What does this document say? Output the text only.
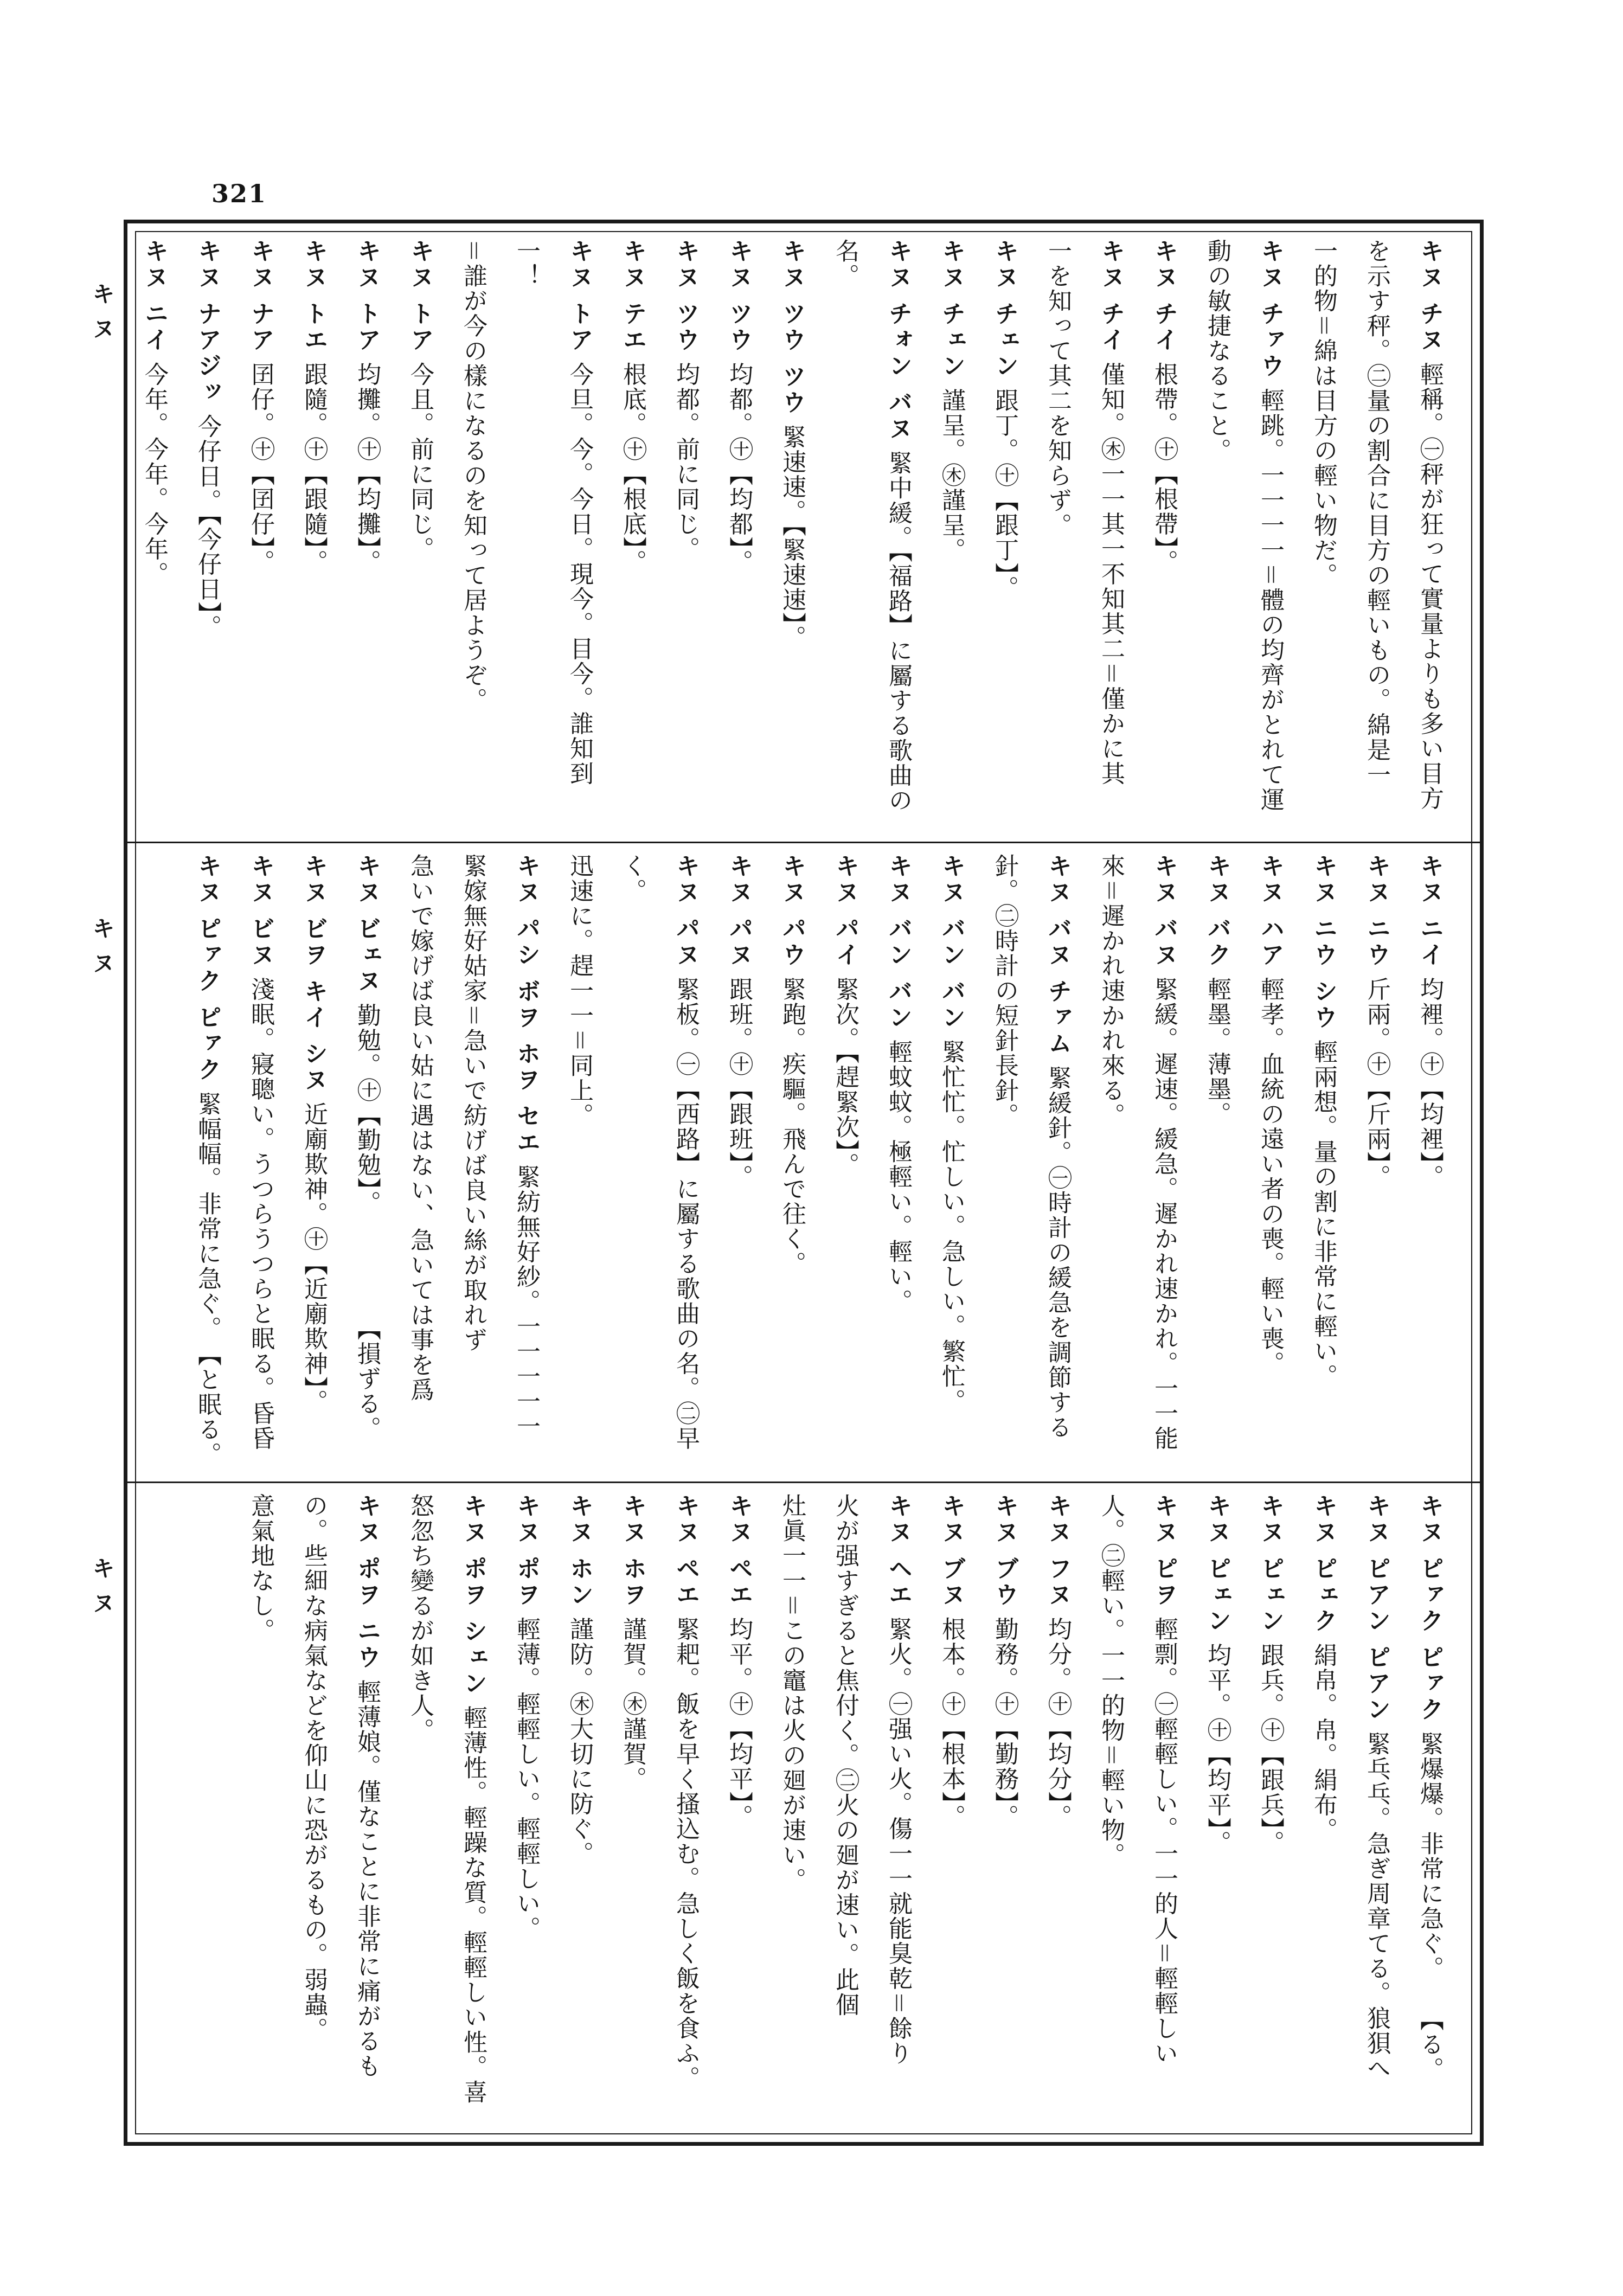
321
キヌ チヌ 輕稱。㊀秤が狂って實量よりも多い目方を示す秤。㊁量の割合に目方の輕いもの。綿是一
一的物＝綿は目方の輕い物だ。
キヌ チァウ 輕跳。一一一一＝體の均齊がとれて運動の敏捷なること。
キヌ チイ 根帶。㊉【根帶】。
キヌ チイ 僅知。㊍一一其一不知其二＝僅かに其
一を知って其二を知らず。
キヌ チェン 跟丁。㊉【跟丁】。
キヌ チェン 謹呈。㊍謹呈。
キヌ チォン バヌ 緊中緩。【福路】に屬する歌曲の名。
キヌ ツウ ツウ 緊速速。【緊速速】。
キヌ ツウ 均都。㊉【均都】。
キヌ ツウ 均都。前に同じ。
キヌ テエ 根底。㊉【根底】。
キヌ トア 今旦。今。今日。現今。目今。誰知到一！
＝誰が今の樣になるのを知って居ようぞ。
キヌ トア 今且。前に同じ。
キヌ トア 均攤。㊉【均攤】。
キヌ トエ 跟隨。㊉【跟隨】。
キヌ ナア 囝仔。㊉【囝仔】。
キヌ ナアジッ 今仔日。【今仔日】。
キヌ ニイ 今年。今年。今年。
キヌ ニイ 均裡。㊉【均裡】。
キヌ ニウ 斤兩。㊉【斤兩】。
キヌ ニウ シウ 輕兩想。量の割に非常に輕い。
キヌ ハア 輕孝。血統の遠い者の喪。輕い喪。
キヌ バク 輕墨。薄墨。
キヌ バヌ 緊緩。遲速。緩急。遲かれ速かれ。一一能
來＝遲かれ速かれ來る。
キヌ バヌ チァム 緊緩針。㊀時計の緩急を調節する
針。㊁時計の短針長針。
キヌ バン バン 緊忙忙。忙しい。急しい。繁忙。
キヌ バン バン 輕蚊蚊。極輕い。輕い。
キヌ パイ 緊次。【趕緊次】。
キヌ パウ 緊跑。疾驅。飛んで往く。
キヌ パヌ 跟班。㊉【跟班】。
キヌ パヌ 緊板。㊀【西路】に屬する歌曲の名。㊁早く。
迅速に。趕一一＝同上。
キヌ パシ ボヲ ホヲ セエ 緊紡無好紗。一一一一一
緊嫁無好姑家＝急いで紡げば良い絲が取れず
急いで嫁げば良い姑に遇はない、急いては事を爲
キヌ ビェヌ 勤勉。㊉【勤勉】。　　　　　【損ずる。
キヌ ビヲ キイ シヌ 近廟欺神。㊉【近廟欺神】。
キヌ ビヌ 淺眠。寢聰い。うつらうつらと眠る。昏昏
キヌ ピァク ピァク 緊幅幅。非常に急ぐ。　【と眠る。
キヌ ピァク ピァク 緊爆爆。非常に急ぐ。　　【る。
キヌ ピアン ピアン 緊乓乓。急ぎ周章てる。狼狽へ
キヌ ピェク 絹帛。帛。絹布。
キヌ ピェン 跟兵。㊉【跟兵】。
キヌ ピェン 均平。㊉【均平】。
キヌ ピヲ 輕剽。㊀輕輕しい。一一的人＝輕輕しい
人。㊁輕い。一一的物＝輕い物。
キヌ フヌ 均分。㊉【均分】。
キヌ ブウ 勤務。㊉【勤務】。
キヌ ブヌ 根本。㊉【根本】。
キヌ ヘエ 緊火。㊀强い火。傷一一就能臭乾＝餘り
火が强すぎると焦付く。㊁火の廻が速い。此個
灶眞一一＝この竈は火の廻が速い。
キヌ ペエ 均平。㊉【均平】。
キヌ ペエ 緊耙。飯を早く搔込む。急しく飯を食ふ。
キヌ ホヲ 謹賀。㊍謹賀。
キヌ ホン 謹防。㊍大切に防ぐ。
キヌ ポヲ 輕薄。輕輕しい。輕輕しい。
キヌ ポヲ シェン 輕薄性。輕躁な質。輕輕しい性。喜
怒忽ち變るが如き人。
キヌ ポヲ ニウ 輕薄娘。僅なことに非常に痛がるも
の。些細な病氣などを仰山に恐がるもの。弱蟲。
意氣地なし。
キヌ
キヌ
キヌ
